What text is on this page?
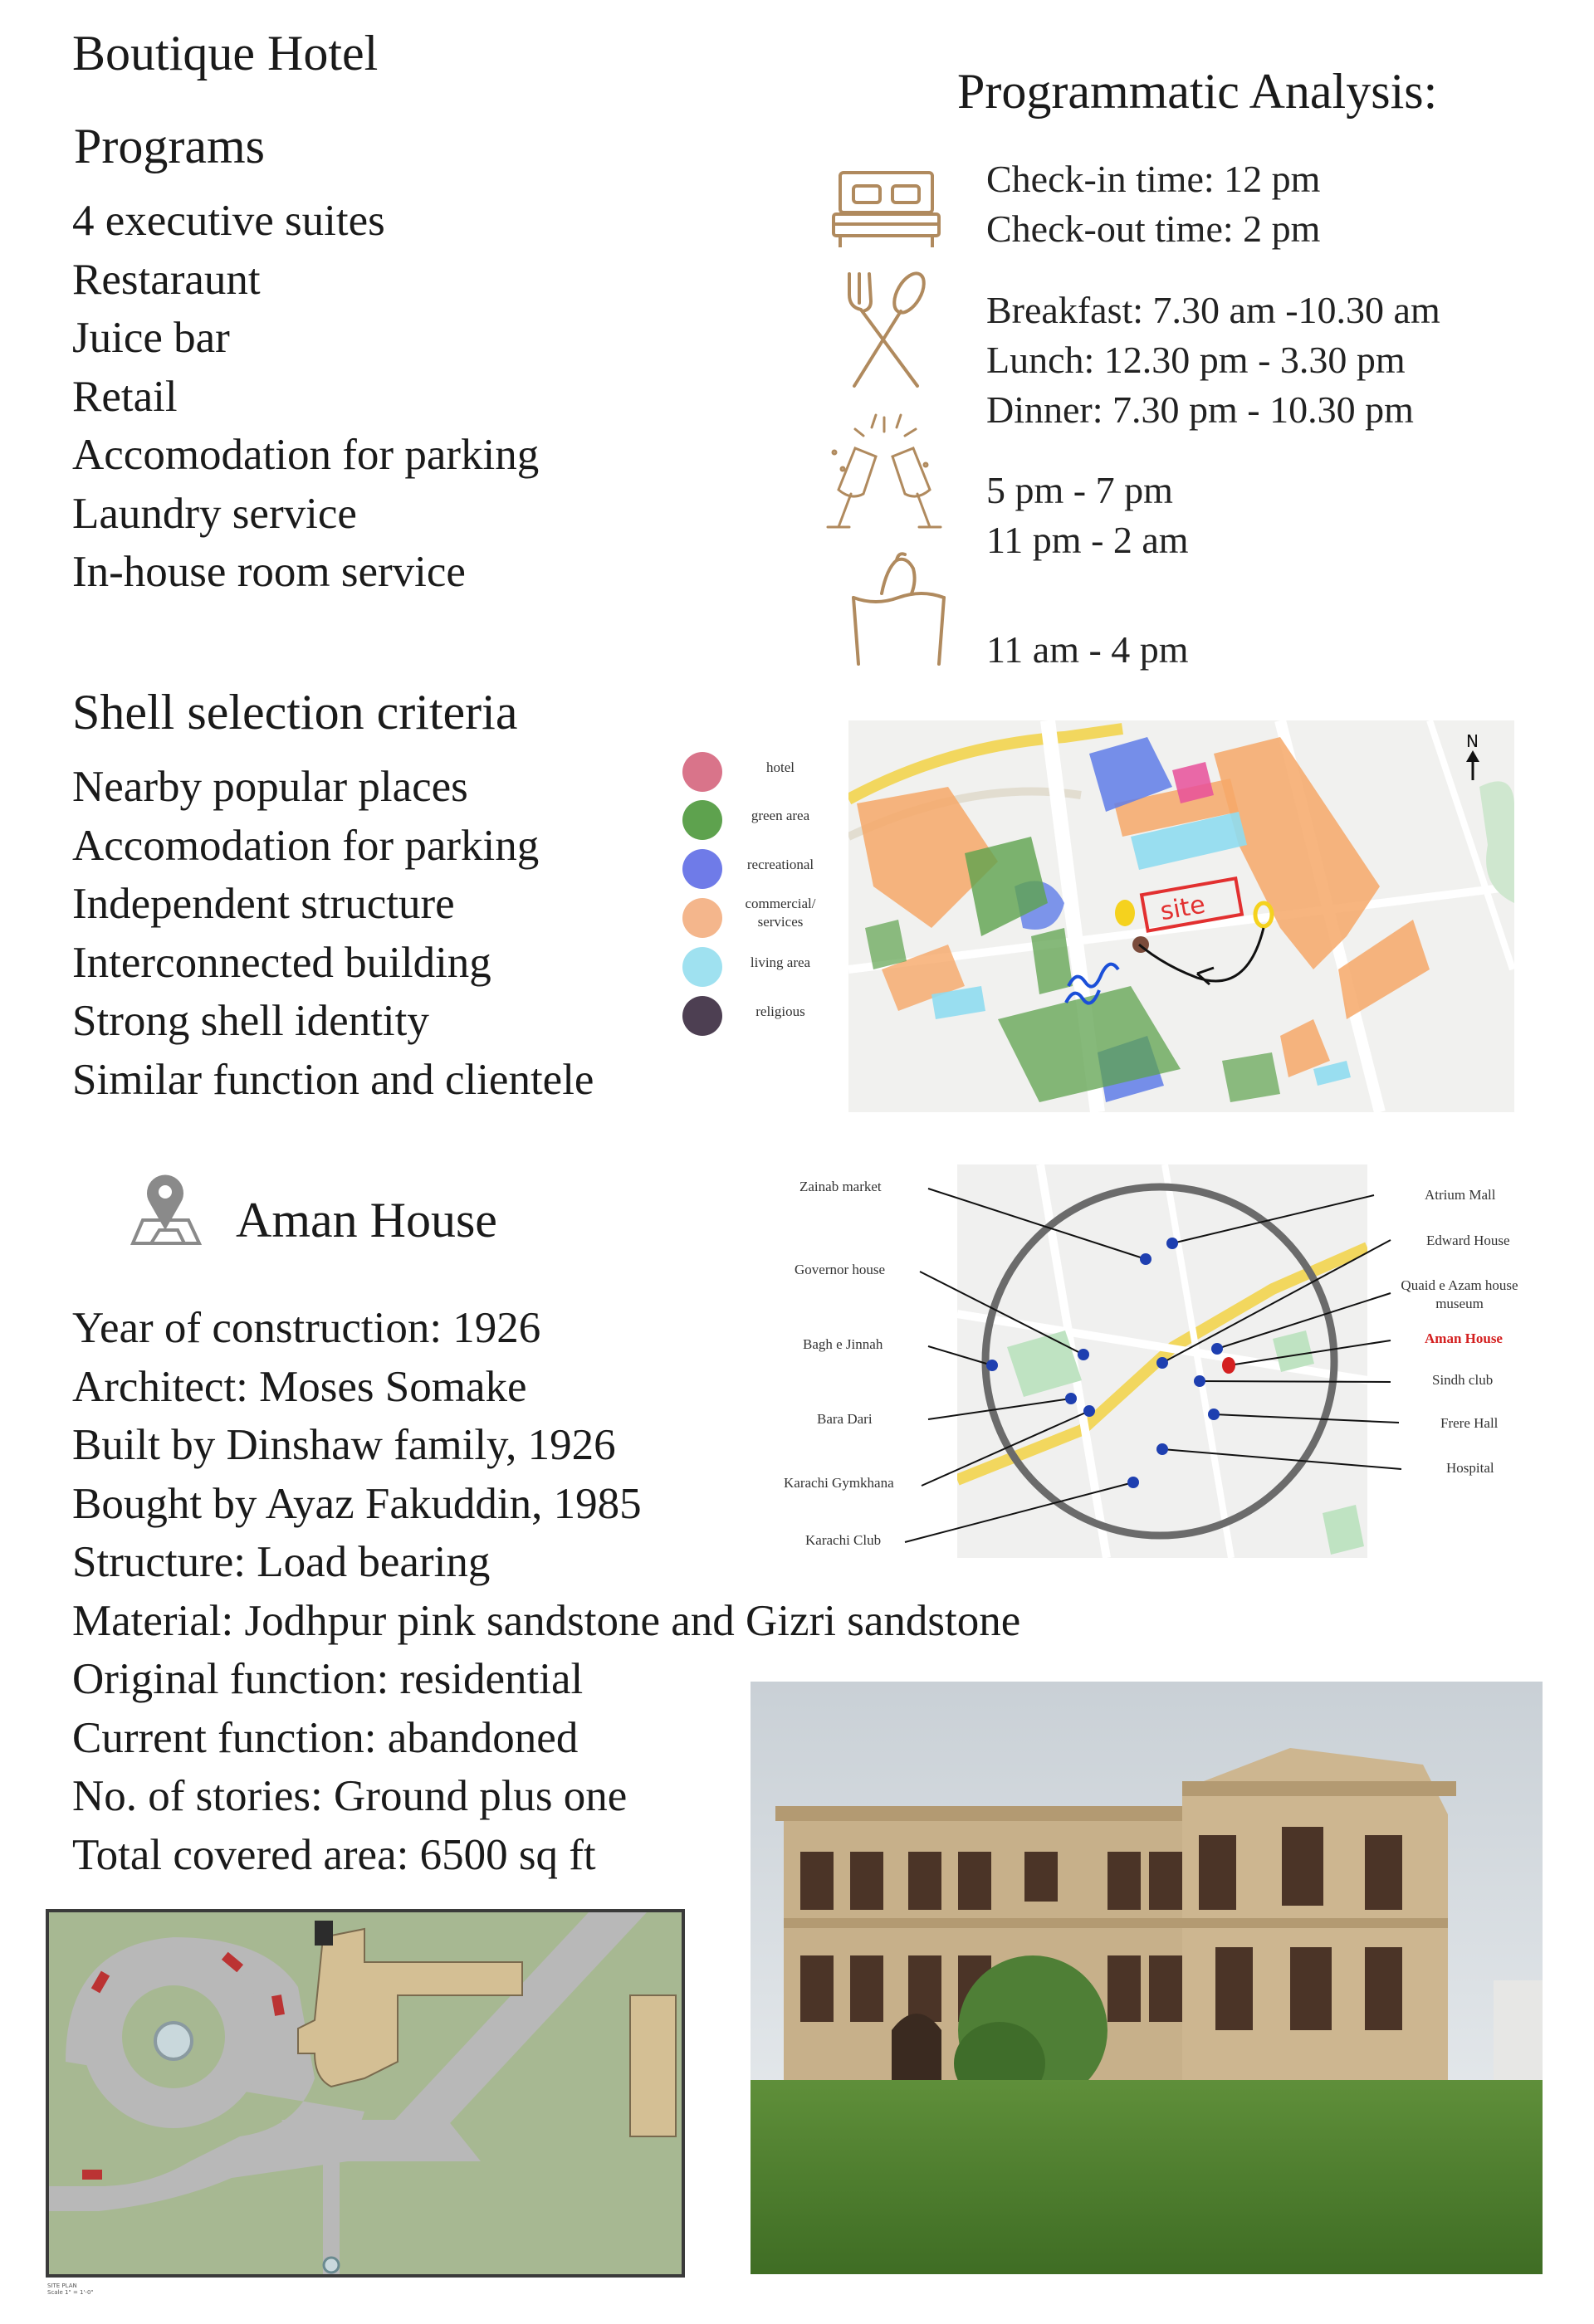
Boutique Hotel
Programs
4 executive suites
Restaraunt
Juice bar
Retail
Accomodation for parking
Laundry service
In-house room service
Programmatic Analysis:
Check-in time: 12 pm
Check-out time: 2 pm
Breakfast: 7.30 am -10.30 am
Lunch: 12.30 pm - 3.30 pm
Dinner: 7.30 pm - 10.30 pm
5 pm - 7 pm
11 pm - 2 am
11 am - 4 pm
Shell selection criteria
Nearby popular places
Accomodation for parking
Independent structure
Interconnected building
Strong shell identity
Similar function and clientele
hotel
green area
recreational
commercial/ services
living area
religious
site
N
Aman House
Year of construction: 1926
Architect: Moses Somake
Built by Dinshaw family, 1926
Bought by Ayaz Fakuddin, 1985
Structure: Load bearing
Material: Jodhpur pink sandstone and Gizri sandstone
Original function: residential
Current function: abandoned
No. of stories: Ground plus one
Total covered area: 6500 sq ft
Zainab market
Governor house
Bagh e Jinnah
Bara Dari
Karachi Gymkhana
Karachi Club
Atrium Mall
Edward House
Quaid e Azam house museum
Aman House
Sindh club
Frere Hall
Hospital
SITE PLAN
Scale 1" = 1'-0"
